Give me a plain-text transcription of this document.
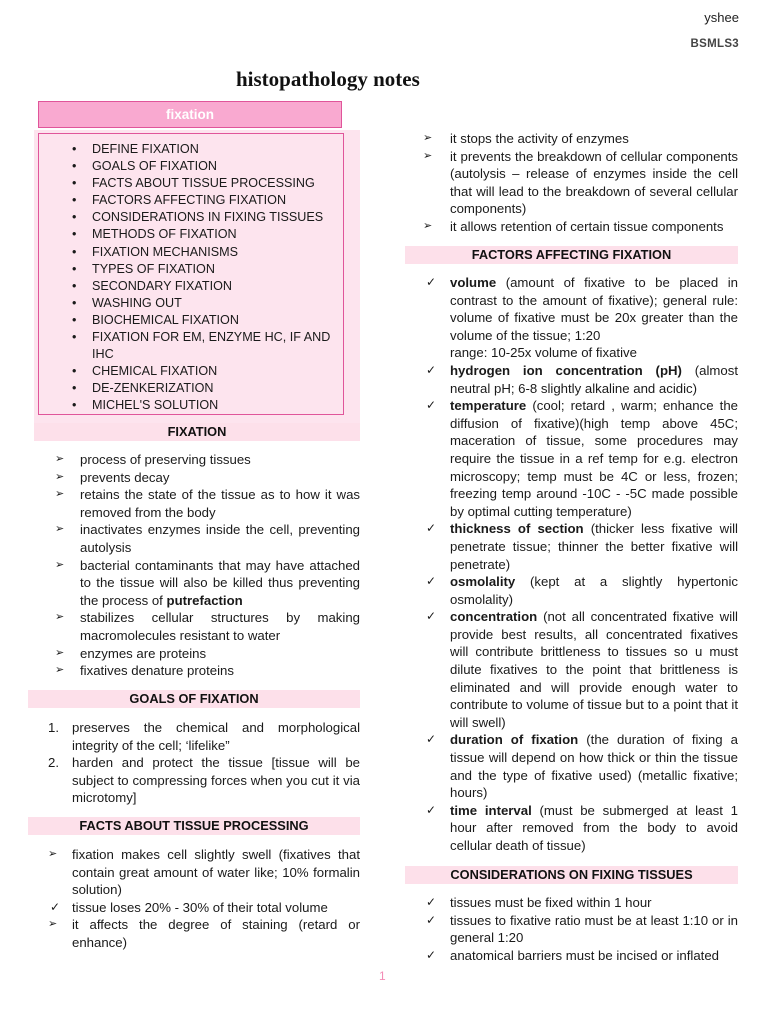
yshee
BSMLS3
histopathology notes
fixation
• DEFINE FIXATION
• GOALS OF FIXATION
• FACTS ABOUT TISSUE PROCESSING
• FACTORS AFFECTING FIXATION
• CONSIDERATIONS IN FIXING TISSUES
• METHODS OF FIXATION
• FIXATION MECHANISMS
• TYPES OF FIXATION
• SECONDARY FIXATION
• WASHING OUT
• BIOCHEMICAL FIXATION
• FIXATION FOR EM, ENZYME HC, IF AND IHC
• CHEMICAL FIXATION
• DE-ZENKERIZATION
• MICHEL'S SOLUTION
FIXATION
➢ process of preserving tissues
➢ prevents decay
➢ retains the state of the tissue as to how it was removed from the body
➢ inactivates enzymes inside the cell, preventing autolysis
➢ bacterial contaminants that may have attached to the tissue will also be killed thus preventing the process of putrefaction
➢ stabilizes cellular structures by making macromolecules resistant to water
➢ enzymes are proteins
➢ fixatives denature proteins
GOALS OF FIXATION
1. preserves the chemical and morphological integrity of the cell; ‘lifelike”
2. harden and protect the tissue [tissue will be subject to compressing forces when you cut it via microtomy]
FACTS ABOUT TISSUE PROCESSING
➢ fixation makes cell slightly swell (fixatives that contain great amount of water like; 10% formalin solution)
✓ tissue loses 20% - 30% of their total volume
➢ it affects the degree of staining (retard or enhance)
➢ it stops the activity of enzymes
➢ it prevents the breakdown of cellular components (autolysis – release of enzymes inside the cell that will lead to the breakdown of several cellular components)
➢ it allows retention of certain tissue components
FACTORS AFFECTING FIXATION
✓ volume (amount of fixative to be placed in contrast to the amount of fixative); general rule: volume of fixative must be 20x greater than the volume of the tissue; 1:20
range: 10-25x volume of fixative
✓ hydrogen ion concentration (pH) (almost neutral pH; 6-8 slightly alkaline and acidic)
✓ temperature (cool; retard , warm; enhance the diffusion of fixative)(high temp above 45C; maceration of tissue, some procedures may require the tissue in a ref temp for e.g. electron microscopy; temp must be 4C or less, frozen; freezing temp around -10C - -5C made possible by optimal cutting temperature)
✓ thickness of section (thicker less fixative will penetrate tissue; thinner the better fixative will penetrate)
✓ osmolality (kept at a slightly hypertonic osmolality)
✓ concentration (not all concentrated fixative will provide best results, all concentrated fixatives will contribute brittleness to tissues so u must dilute fixatives to the point that brittleness is eliminated and will provide enough water to contribute to volume of tissue but to a point that it will swell)
✓ duration of fixation (the duration of fixing a tissue will depend on how thick or thin the tissue and the type of fixative used) (metallic fixative; hours)
✓ time interval (must be submerged at least 1 hour after removed from the body to avoid cellular death of tissue)
CONSIDERATIONS ON FIXING TISSUES
✓ tissues must be fixed within 1 hour
✓ tissues to fixative ratio must be at least 1:10 or in general 1:20
✓ anatomical barriers must be incised or inflated
1
